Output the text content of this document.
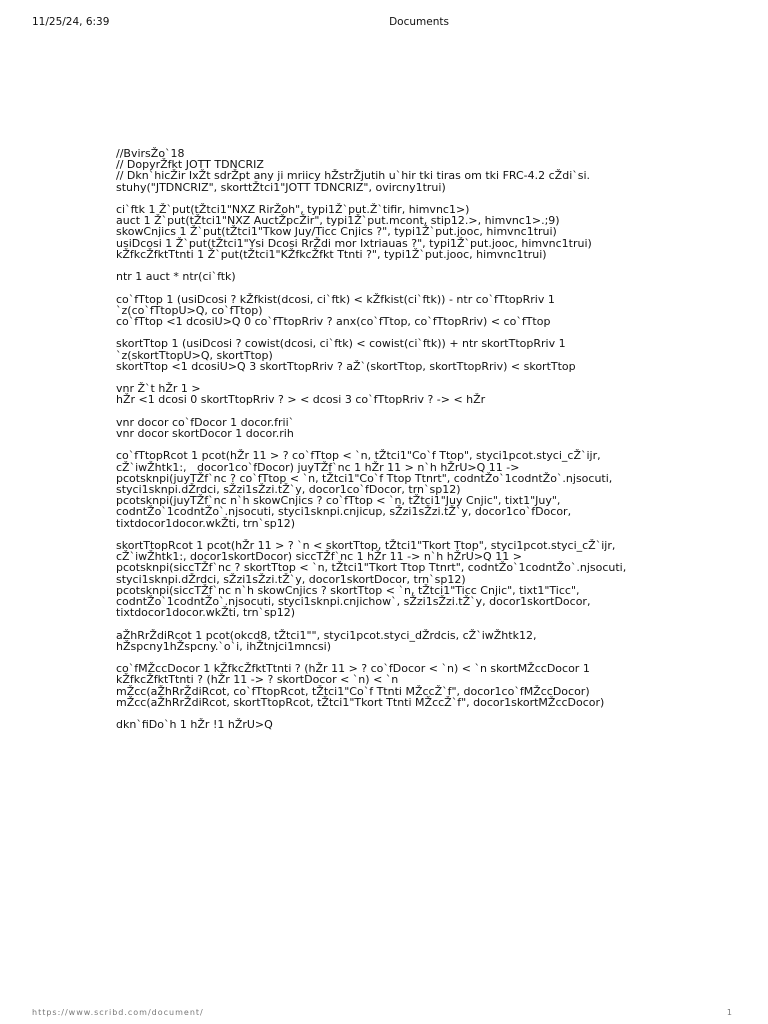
11/25/24, 6:39	Documents
//BvirsŽo`18
// DopyrŽfkt JOTT TDNCRIZ
// Dkn`hicŽir IxŽt sdrŽpt any ji mriicy hŽstrŽjutih u`hir tki tiras om tki FRC-4.2 cŽdi`si.
stuhy("JTDNCRIZ", skorttŽtci1"JOTT TDNCRIZ", ovircny1trui)
ci`ftk 1 Ž`put(tŽtci1"NXZ RirŽoh", typi1Ž`put.Ž`tifir, himvnc1>)
auct 1 Ž`put(tŽtci1"NXZ AuctŽpcŽir", typi1Ž`put.mcont, stip12.>, himvnc1>.;9)
skowCnjics 1 Ž`put(tŽtci1"Tkow Juy/Ticc Cnjics ?", typi1Ž`put.jooc, himvnc1trui)
usiDcosi 1 Ž`put(tŽtci1"Ysi Dcosi RrŽdi mor Ixtriauas ?", typi1Ž`put.jooc, himvnc1trui)
kŽfkcŽfktTtnti 1 Ž`put(tŽtci1"KŽfkcŽfkt Ttnti ?", typi1Ž`put.jooc, himvnc1trui)
ntr 1 auct * ntr(ci`ftk)
co`fTtop 1 (usiDcosi ? kŽfkist(dcosi, ci`ftk) < kŽfkist(ci`ftk)) - ntr co`fTtopRriv 1 `z(co`fTtopU>Q, co`fTtop)
co`fTtop <1 dcosiU>Q 0 co`fTtopRriv ? anx(co`fTtop, co`fTtopRriv) < co`fTtop
skortTtop 1 (usiDcosi ? cowist(dcosi, ci`ftk) < cowist(ci`ftk)) + ntr skortTtopRriv 1 `z(skortTtopU>Q, skortTtop)
skortTtop <1 dcosiU>Q 3 skortTtopRriv ? aŽ`(skortTtop, skortTtopRriv) < skortTtop
vnr Ž`t hŽr 1 >
hŽr <1 dcosi 0 skortTtopRriv ? > < dcosi 3 co`fTtopRriv ? -> < hŽr
vnr docor co`fDocor 1 docor.frii`
vnr docor skortDocor 1 docor.rih
co`fTtopRcot 1 pcot(hŽr 11 > ? co`fTtop < `n, tŽtci1"Co`f Ttop", styci1pcot.styci_cŽ`ijr,   cŽ`iwŽhtk1:,   docor1co`fDocor) juyTŽf`nc 1 hŽr 11 > n`h hŽrU>Q 11 ->
pcotsknpi(juyTŽf`nc ? co`fTtop < `n, tŽtci1"Co`f Ttop Ttnrt", codntŽo`1codntŽo`.njsocuti,  styci1sknpi.dŽrdci, sŽzi1sŽzi.tŽ`y, docor1co`fDocor, trn`sp12)
pcotsknpi(juyTŽf`nc n`h skowCnjics ? co`fTtop < `n, tŽtci1"Juy Cnjic", tixt1"Juy", codntŽo`1codntŽo`.njsocuti, styci1sknpi.cnjicup, sŽzi1sŽzi.tŽ`y, docor1co`fDocor, tixtdocor1docor.wkŽti, trn`sp12)
skortTtopRcot 1 pcot(hŽr 11 > ? `n < skortTtop, tŽtci1"Tkort Ttop", styci1pcot.styci_cŽ`ijr, cŽ`iwŽhtk1:, docor1skortDocor) siccTŽf`nc 1 hŽr 11 -> n`h hŽrU>Q 11 >
pcotsknpi(siccTŽf`nc ? skortTtop < `n, tŽtci1"Tkort Ttop Ttnrt", codntŽo`1codntŽo`.njsocuti, styci1sknpi.dŽrdci, sŽzi1sŽzi.tŽ`y, docor1skortDocor, trn`sp12)
pcotsknpi(siccTŽf`nc n`h skowCnjics ? skortTtop < `n, tŽtci1"Ticc Cnjic", tixt1"Ticc",  codntŽo`1codntŽo`.njsocuti, styci1sknpi.cnjichow`, sŽzi1sŽzi.tŽ`y, docor1skortDocor, tixtdocor1docor.wkŽti, trn`sp12)
aŽhRrŽdiRcot 1 pcot(okcd8, tŽtci1"", styci1pcot.styci_dŽrdcis, cŽ`iwŽhtk12, hŽspcny1hŽspcny.`o`i, ihŽtnjci1mncsi)
co`fMŽccDocor 1 kŽfkcŽfktTtnti ? (hŽr 11 > ? co`fDocor < `n) < `n skortMŽccDocor 1 kŽfkcŽfktTtnti ? (hŽr 11 -> ? skortDocor < `n) < `n
mŽcc(aŽhRrŽdiRcot, co`fTtopRcot, tŽtci1"Co`f Ttnti MŽccŽ`f", docor1co`fMŽccDocor)
mŽcc(aŽhRrŽdiRcot, skortTtopRcot, tŽtci1"Tkort Ttnti MŽccŽ`f", docor1skortMŽccDocor)
dkn`fiDo`h 1 hŽr !1 hŽrU>Q
https://www.scribd.com/document/	1
